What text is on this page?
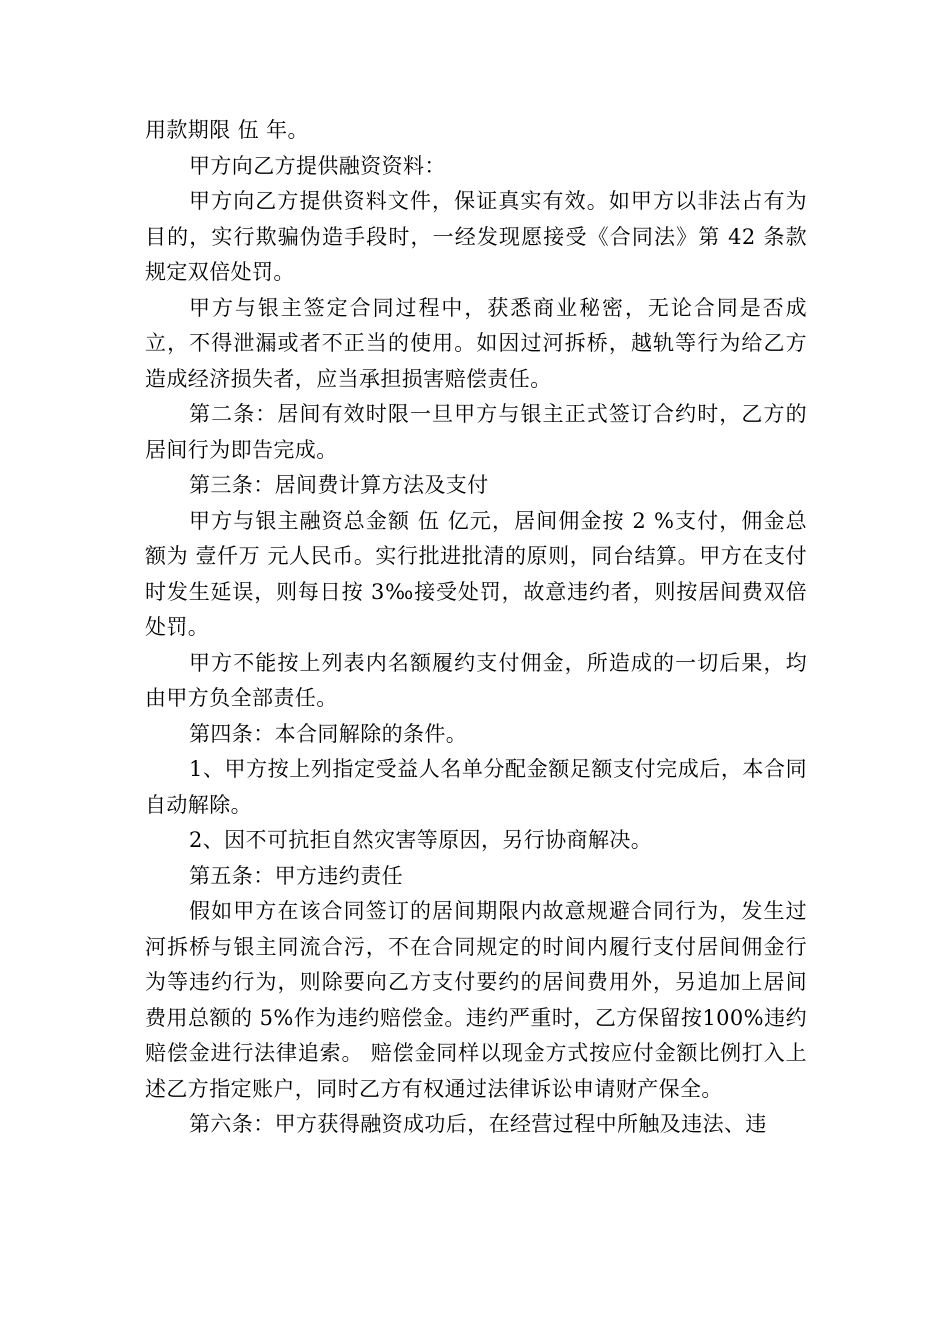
用款期限 伍 年。

甲方向乙方提供融资资料：

甲方向乙方提供资料文件，保证真实有效。如甲方以非法占有为目的，实行欺骗伪造手段时，一经发现愿接受《合同法》第 42 条款规定双倍处罚。

甲方与银主签定合同过程中，获悉商业秘密，无论合同是否成立，不得泄漏或者不正当的使用。如因过河拆桥，越轨等行为给乙方造成经济损失者，应当承担损害赔偿责任。

第二条：居间有效时限一旦甲方与银主正式签订合约时，乙方的居间行为即告完成。

第三条：居间费计算方法及支付

甲方与银主融资总金额 伍 亿元，居间佣金按 2 %支付，佣金总额为 壹仟万 元人民币。实行批进批清的原则，同台结算。甲方在支付时发生延误，则每日按 3‰接受处罚，故意违约者，则按居间费双倍处罚。

甲方不能按上列表内名额履约支付佣金，所造成的一切后果，均由甲方负全部责任。

第四条：本合同解除的条件。

1、甲方按上列指定受益人名单分配金额足额支付完成后，本合同自动解除。

2、因不可抗拒自然灾害等原因，另行协商解决。

第五条：甲方违约责任

假如甲方在该合同签订的居间期限内故意规避合同行为，发生过河拆桥与银主同流合污，不在合同规定的时间内履行支付居间佣金行为等违约行为，则除要向乙方支付要约的居间费用外，另追加上居间费用总额的 5%作为违约赔偿金。违约严重时，乙方保留按100%违约赔偿金进行法律追索。 赔偿金同样以现金方式按应付金额比例打入上述乙方指定账户，同时乙方有权通过法律诉讼申请财产保全。

第六条：甲方获得融资成功后，在经营过程中所触及违法、违
